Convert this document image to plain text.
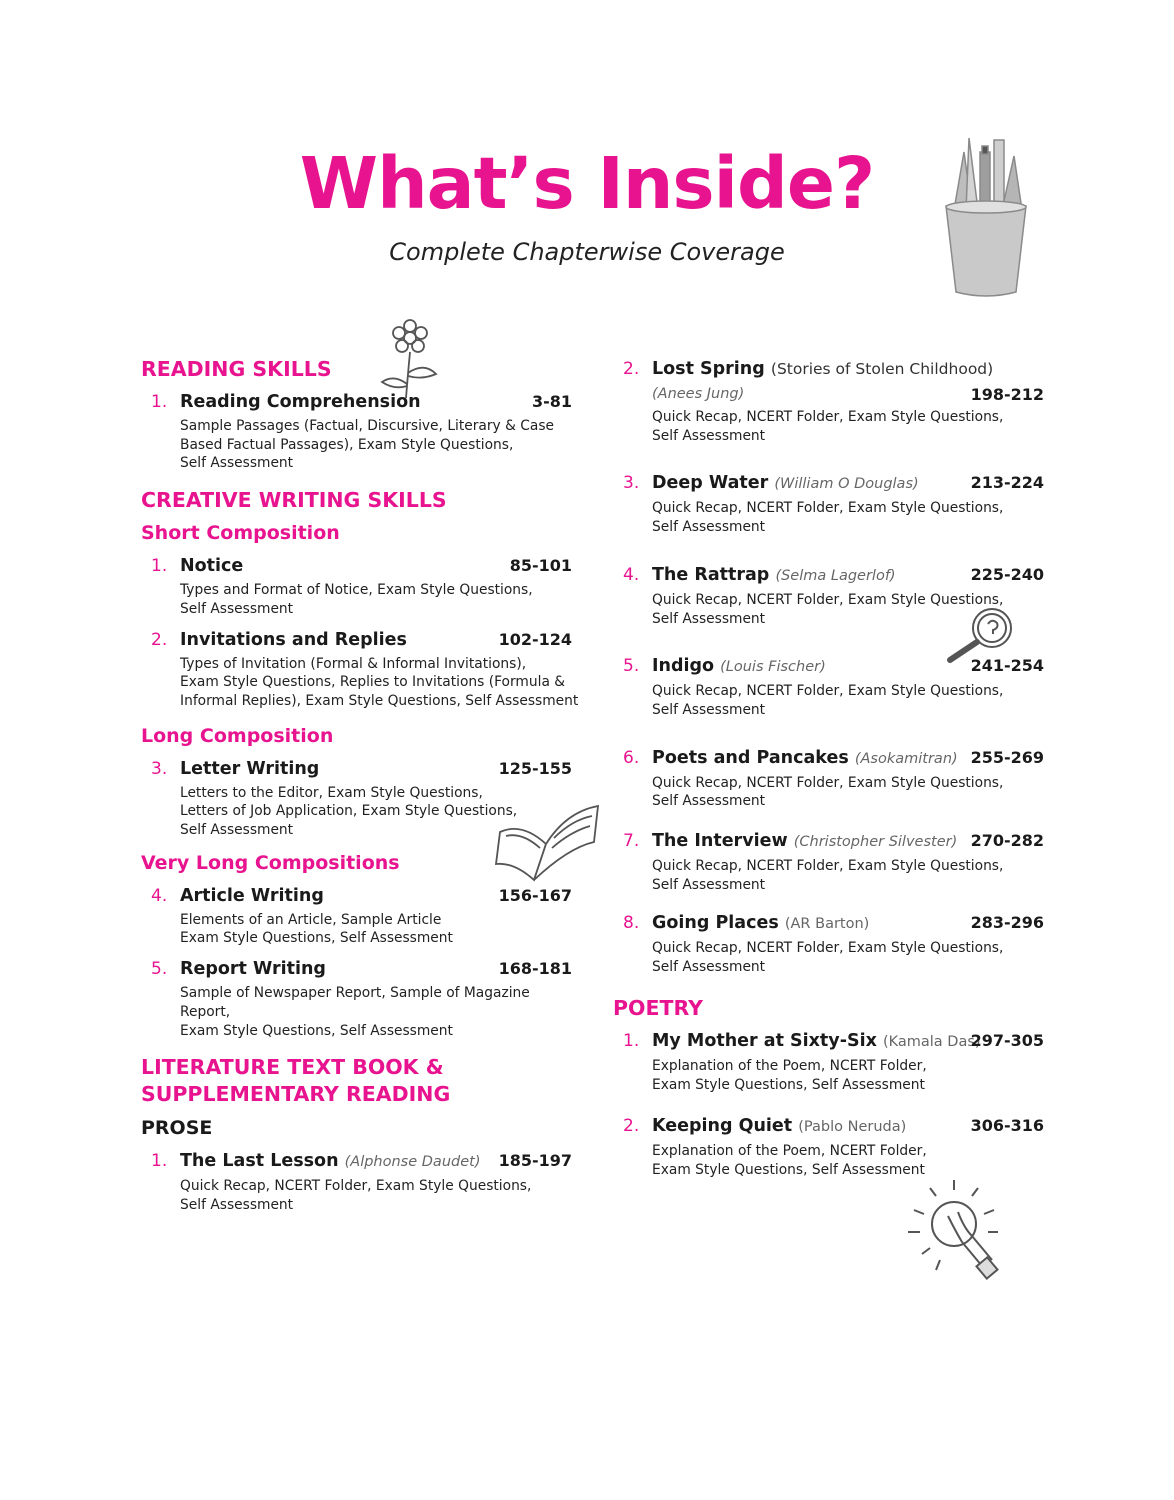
What’s Inside?
Complete Chapterwise Coverage
READING SKILLS
1. Reading Comprehension	3-81
Sample Passages (Factual, Discursive, Literary & Case
Based Factual Passages), Exam Style Questions,
Self Assessment
CREATIVE WRITING SKILLS
Short Composition
1. Notice	85-101
Types and Format of Notice, Exam Style Questions,
Self Assessment
2. Invitations and Replies	102-124
Types of Invitation (Formal & Informal Invitations),
Exam Style Questions, Replies to Invitations (Formula &
Informal Replies), Exam Style Questions, Self Assessment
Long Composition
3. Letter Writing	125-155
Letters to the Editor, Exam Style Questions,
Letters of Job Application, Exam Style Questions,
Self Assessment
Very Long Compositions
4. Article Writing	156-167
Elements of an Article, Sample Article
Exam Style Questions, Self Assessment
5. Report Writing	168-181
Sample of Newspaper Report, Sample of Magazine Report,
Exam Style Questions, Self Assessment
LITERATURE TEXT BOOK &
SUPPLEMENTARY READING
PROSE
1. The Last Lesson (Alphonse Daudet)	185-197
Quick Recap, NCERT Folder, Exam Style Questions,
Self Assessment
2. Lost Spring (Stories of Stolen Childhood)
(Anees Jung)	198-212
Quick Recap, NCERT Folder, Exam Style Questions,
Self Assessment
3. Deep Water (William O Douglas)	213-224
Quick Recap, NCERT Folder, Exam Style Questions,
Self Assessment
4. The Rattrap (Selma Lagerlof)	225-240
Quick Recap, NCERT Folder, Exam Style Questions,
Self Assessment
5. Indigo (Louis Fischer)	241-254
Quick Recap, NCERT Folder, Exam Style Questions,
Self Assessment
6. Poets and Pancakes (Asokamitran) 255-269
Quick Recap, NCERT Folder, Exam Style Questions,
Self Assessment
7. The Interview (Christopher Silvester) 270-282
Quick Recap, NCERT Folder, Exam Style Questions,
Self Assessment
8. Going Places (AR Barton)	283-296
Quick Recap, NCERT Folder, Exam Style Questions,
Self Assessment
POETRY
1. My Mother at Sixty-Six (Kamala Das)
297-305
Explanation of the Poem, NCERT Folder,
Exam Style Questions, Self Assessment
2. Keeping Quiet (Pablo Neruda)	306-316
Explanation of the Poem, NCERT Folder,
Exam Style Questions, Self Assessment
